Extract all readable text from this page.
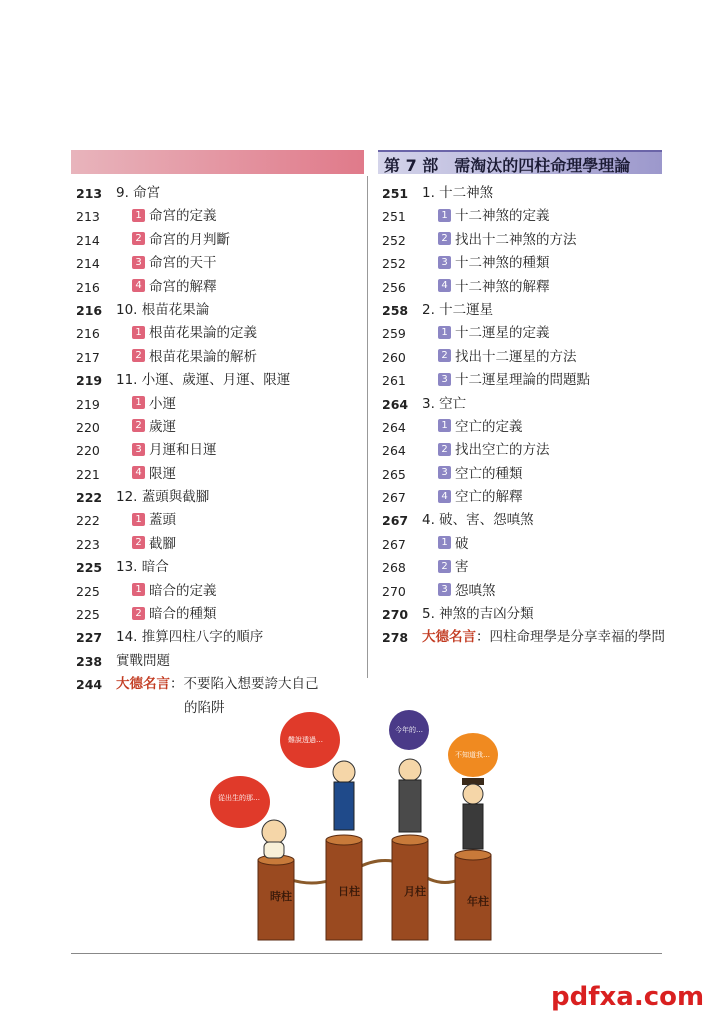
第 7 部　需淘汰的四柱命理學理論
213	9. 命宮
213	1 命宮的定義
214	2 命宮的月判斷
214	3 命宮的天干
216	4 命宮的解釋
216	10. 根苗花果論
216	1 根苗花果論的定義
217	2 根苗花果論的解析
219	11. 小運、歲運、月運、限運
219	1 小運
220	2 歲運
220	3 月運和日運
221	4 限運
222	12. 蓋頭與截腳
222	1 蓋頭
223	2 截腳
225	13. 暗合
225	1 暗合的定義
225	2 暗合的種類
227	14. 推算四柱八字的順序
238	實戰問題
244	大德名言：不要陷入想要誇大自己
的陷阱
251	1. 十二神煞
251	1 十二神煞的定義
252	2 找出十二神煞的方法
252	3 十二神煞的種類
256	4 十二神煞的解釋
258	2. 十二運星
259	1 十二運星的定義
260	2 找出十二運星的方法
261	3 十二運星理論的問題點
264	3. 空亡
264	1 空亡的定義
264	2 找出空亡的方法
265	3 空亡的種類
267	4 空亡的解釋
267	4. 破、害、怨嗔煞
267	1 破
268	2 害
270	3 怨嗔煞
270	5. 神煞的吉凶分類
278	大德名言：四柱命理學是分享幸福的學問
時柱	日柱	月柱
年柱
從出生的那…
難說透過…
今年的…
不知道我…
pdfxa.com
